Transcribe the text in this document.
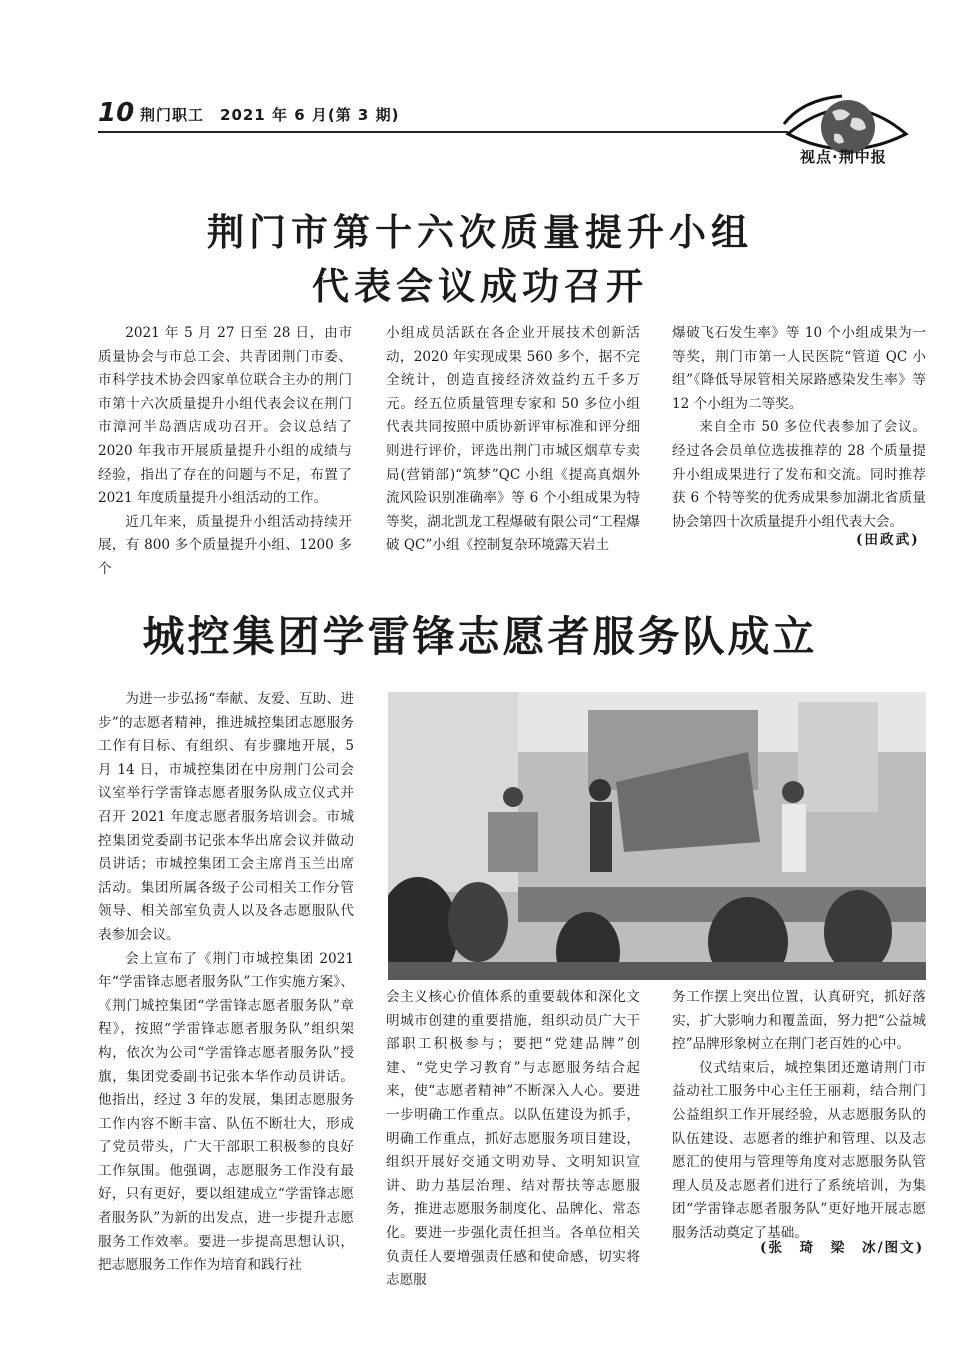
10 荆门职工　2021 年 6 月(第 3 期)
视点·荆中报
荆门市第十六次质量提升小组
代表会议成功召开

2021 年 5 月 27 日至 28 日，由市质量协会与市总工会、共青团荆门市委、市科学技术协会四家单位联合主办的荆门市第十六次质量提升小组代表会议在荆门市漳河半岛酒店成功召开。会议总结了 2020 年我市开展质量提升小组的成绩与经验，指出了存在的问题与不足，布置了 2021 年度质量提升小组活动的工作。

近几年来，质量提升小组活动持续开展，有 800 多个质量提升小组、1200 多个

小组成员活跃在各企业开展技术创新活动，2020 年实现成果 560 多个，据不完全统计，创造直接经济效益约五千多万元。经五位质量管理专家和 50 多位小组代表共同按照中质协新评审标准和评分细则进行评价，评选出荆门市城区烟草专卖局(营销部)“筑梦”QC 小组《提高真烟外流风险识别准确率》等 6 个小组成果为特等奖，湖北凯龙工程爆破有限公司“工程爆破 QC”小组《控制复杂环境露天岩土

爆破飞石发生率》等 10 个小组成果为一等奖，荆门市第一人民医院“管道 QC 小组”《降低导尿管相关尿路感染发生率》等 12 个小组为二等奖。

来自全市 50 多位代表参加了会议。经过各会员单位选拔推荐的 28 个质量提升小组成果进行了发布和交流。同时推荐获 6 个特等奖的优秀成果参加湖北省质量协会第四十次质量提升小组代表大会。

(田政武)
城控集团学雷锋志愿者服务队成立

为进一步弘扬“奉献、友爱、互助、进步”的志愿者精神，推进城控集团志愿服务工作有目标、有组织、有步骤地开展，5 月 14 日，市城控集团在中房荆门公司会议室举行学雷锋志愿者服务队成立仪式并召开 2021 年度志愿者服务培训会。市城控集团党委副书记张本华出席会议并做动员讲话；市城控集团工会主席肖玉兰出席活动。集团所属各级子公司相关工作分管领导、相关部室负责人以及各志愿服队代表参加会议。

会上宣布了《荆门市城控集团 2021 年“学雷锋志愿者服务队”工作实施方案》、《荆门城控集团“学雷锋志愿者服务队”章程》，按照“学雷锋志愿者服务队”组织架构，依次为公司“学雷锋志愿者服务队”授旗，集团党委副书记张本华作动员讲话。他指出，经过 3 年的发展，集团志愿服务工作内容不断丰富、队伍不断壮大，形成了党员带头，广大干部职工积极参的良好工作氛围。他强调，志愿服务工作没有最好，只有更好，要以组建成立“学雷锋志愿者服务队”为新的出发点，进一步提升志愿服务工作效率。要进一步提高思想认识，把志愿服务工作作为培育和践行社

会主义核心价值体系的重要载体和深化文明城市创建的重要措施，组织动员广大干部职工积极参与；要把“党建品牌”创建、“党史学习教育”与志愿服务结合起来，使“志愿者精神”不断深入人心。要进一步明确工作重点。以队伍建设为抓手，明确工作重点，抓好志愿服务项目建设，组织开展好交通文明劝导、文明知识宣讲、助力基层治理、结对帮扶等志愿服务，推进志愿服务制度化、品牌化、常态化。要进一步强化责任担当。各单位相关负责任人要增强责任感和使命感，切实将志愿服

务工作摆上突出位置，认真研究，抓好落实，扩大影响力和覆盖面，努力把“公益城控”品牌形象树立在荆门老百姓的心中。

仪式结束后，城控集团还邀请荆门市益动社工服务中心主任王丽莉，结合荆门公益组织工作开展经验，从志愿服务队的队伍建设、志愿者的维护和管理、以及志愿汇的使用与管理等角度对志愿服务队管理人员及志愿者们进行了系统培训，为集团“学雷锋志愿者服务队”更好地开展志愿服务活动奠定了基础。

(张　琦　梁　冰/图文)
